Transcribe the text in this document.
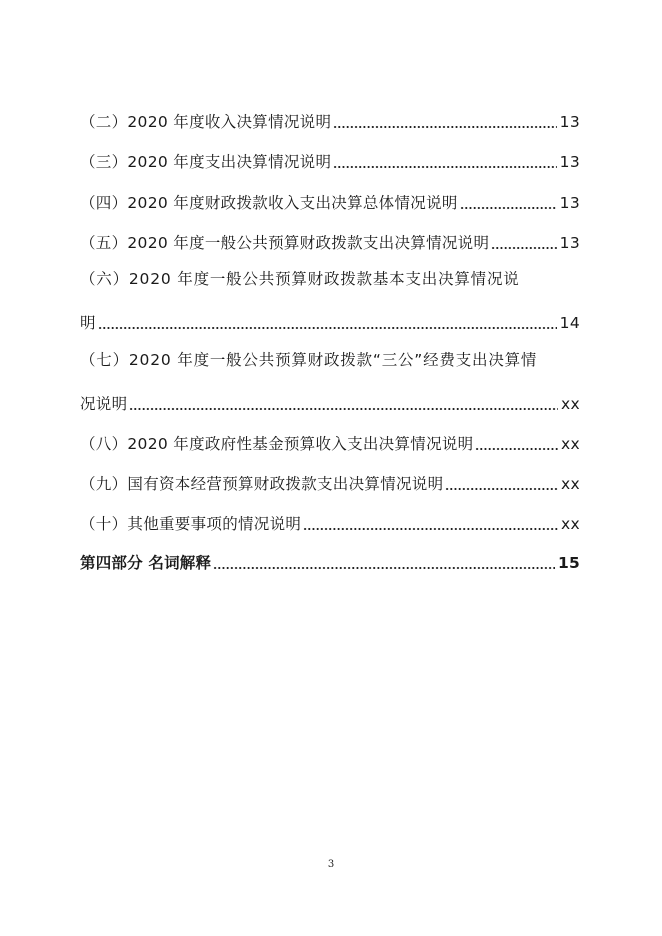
（二）2020 年度收入决算情况说明	13
（三）2020 年度支出决算情况说明	13
（四）2020 年度财政拨款收入支出决算总体情况说明	13
（五）2020 年度一般公共预算财政拨款支出决算情况说明	13
（六）2020 年度一般公共预算财政拨款基本支出决算情况说
明	14
（七）2020 年度一般公共预算财政拨款“三公”经费支出决算情
况说明	xx
（八）2020 年度政府性基金预算收入支出决算情况说明	xx
（九）国有资本经营预算财政拨款支出决算情况说明	xx
（十）其他重要事项的情况说明	xx
第四部分 名词解释	15
3
